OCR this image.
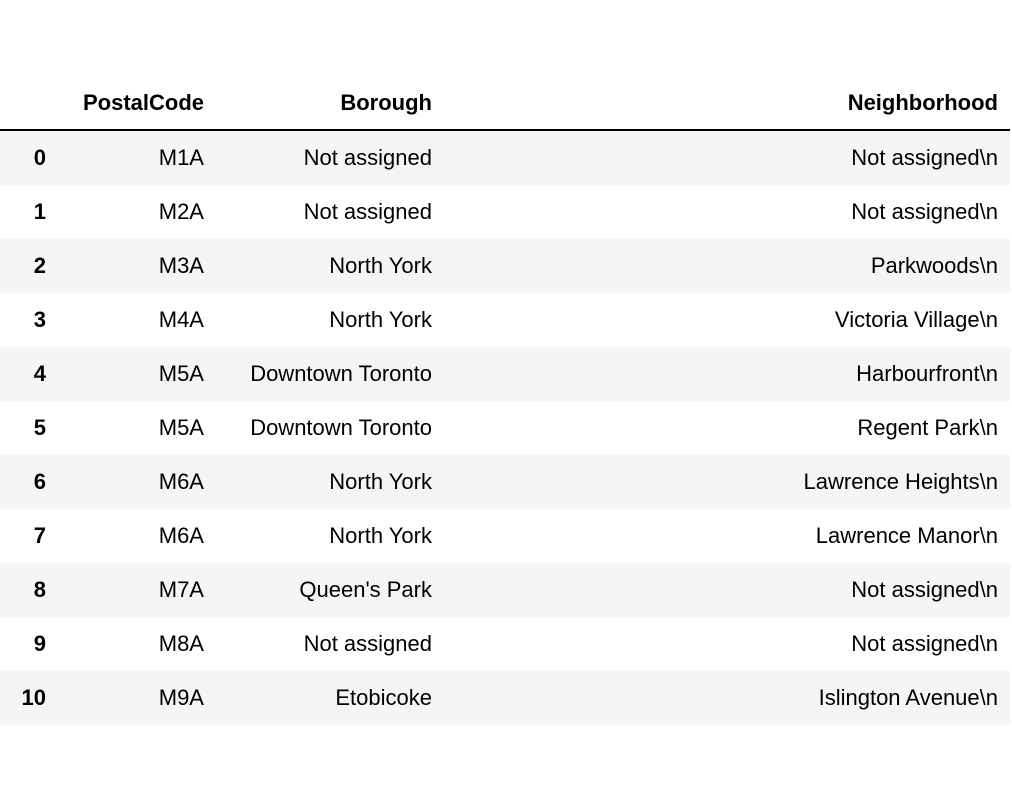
	PostalCode	Borough	Neighborhood
0	M1A	Not assigned	Not assigned\n
1	M2A	Not assigned	Not assigned\n
2	M3A	North York	Parkwoods\n
3	M4A	North York	Victoria Village\n
4	M5A	Downtown Toronto	Harbourfront\n
5	M5A	Downtown Toronto	Regent Park\n
6	M6A	North York	Lawrence Heights\n
7	M6A	North York	Lawrence Manor\n
8	M7A	Queen's Park	Not assigned\n
9	M8A	Not assigned	Not assigned\n
10	M9A	Etobicoke	Islington Avenue\n
